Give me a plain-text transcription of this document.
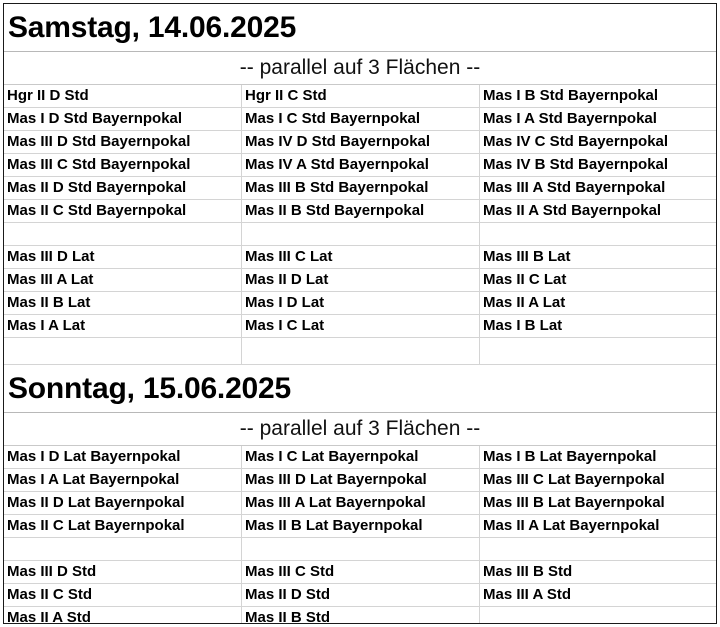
Samstag, 14.06.2025
-- parallel auf 3 Flächen --
Hgr II D Std	Hgr II C Std	Mas I B Std Bayernpokal
Mas I D Std Bayernpokal	Mas I C Std Bayernpokal	Mas I A Std Bayernpokal
Mas III D Std Bayernpokal	Mas IV D Std Bayernpokal	Mas IV C Std Bayernpokal
Mas III C Std Bayernpokal	Mas IV A Std Bayernpokal	Mas IV B Std Bayernpokal
Mas II D Std Bayernpokal	Mas III B Std Bayernpokal	Mas III A Std Bayernpokal
Mas II C Std Bayernpokal	Mas II B Std Bayernpokal	Mas II A Std Bayernpokal
Mas III D Lat	Mas III C Lat	Mas III B Lat
Mas III A Lat	Mas II D Lat	Mas II C Lat
Mas II B Lat	Mas I D Lat	Mas II A Lat
Mas I A Lat	Mas I C Lat	Mas I B Lat
Sonntag, 15.06.2025
-- parallel auf 3 Flächen --
Mas I D Lat Bayernpokal	Mas I C Lat Bayernpokal	Mas I B Lat Bayernpokal
Mas I A Lat Bayernpokal	Mas III D Lat Bayernpokal	Mas III C Lat Bayernpokal
Mas II D Lat Bayernpokal	Mas III A Lat Bayernpokal	Mas III B Lat Bayernpokal
Mas II C Lat Bayernpokal	Mas II B Lat Bayernpokal	Mas II A Lat Bayernpokal
Mas III D Std	Mas III C Std	Mas III B Std
Mas II C Std	Mas II D Std	Mas III A Std
Mas II A Std	Mas II B Std
